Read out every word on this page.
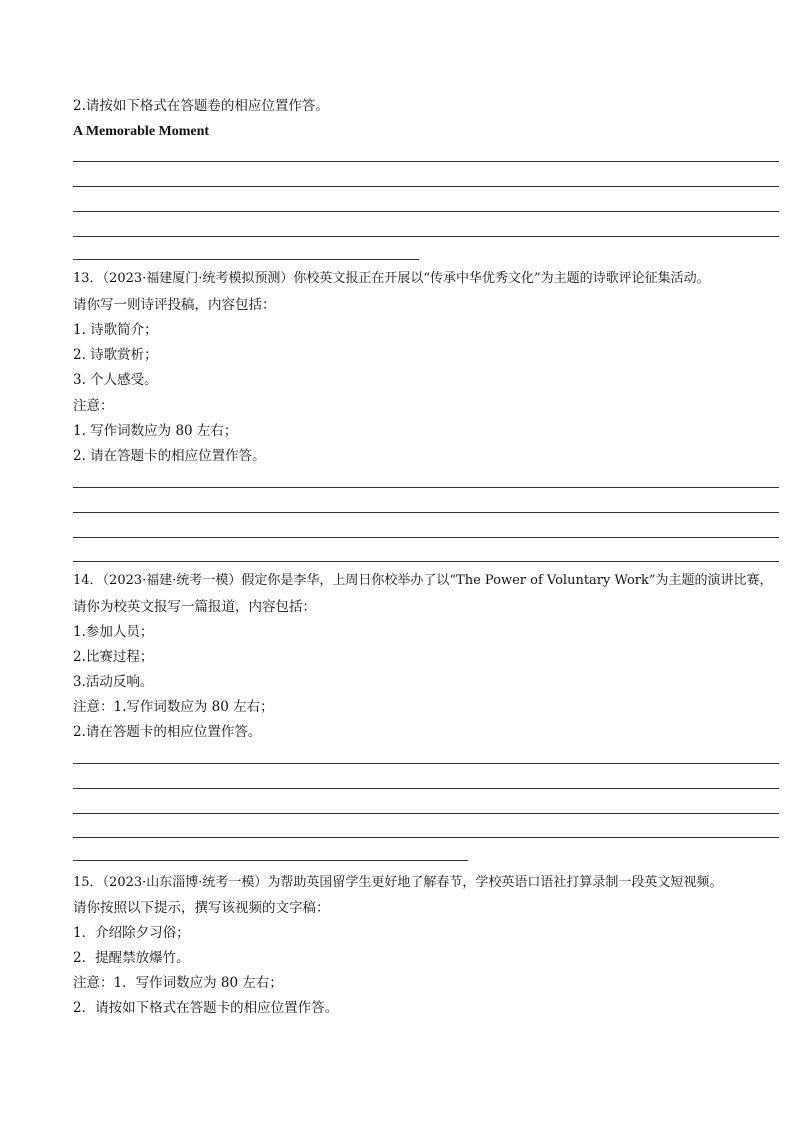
2.请按如下格式在答题卷的相应位置作答。
A Memorable Moment
13．（2023·福建厦门·统考模拟预测）你校英文报正在开展以“传承中华优秀文化”为主题的诗歌评论征集活动。
请你写一则诗评投稿，内容包括：
1. 诗歌简介；
2. 诗歌赏析；
3. 个人感受。
注意：
1. 写作词数应为 80 左右；
2. 请在答题卡的相应位置作答。
14．（2023·福建·统考一模）假定你是李华，上周日你校举办了以“The Power of Voluntary Work”为主题的演讲比赛，
请你为校英文报写一篇报道，内容包括：
1.参加人员；
2.比赛过程；
3.活动反响。
注意：1.写作词数应为 80 左右；
2.请在答题卡的相应位置作答。
15．（2023·山东淄博·统考一模）为帮助英国留学生更好地了解春节，学校英语口语社打算录制一段英文短视频。
请你按照以下提示，撰写该视频的文字稿：
1．介绍除夕习俗；
2．提醒禁放爆竹。
注意：1．写作词数应为 80 左右；
2．请按如下格式在答题卡的相应位置作答。
